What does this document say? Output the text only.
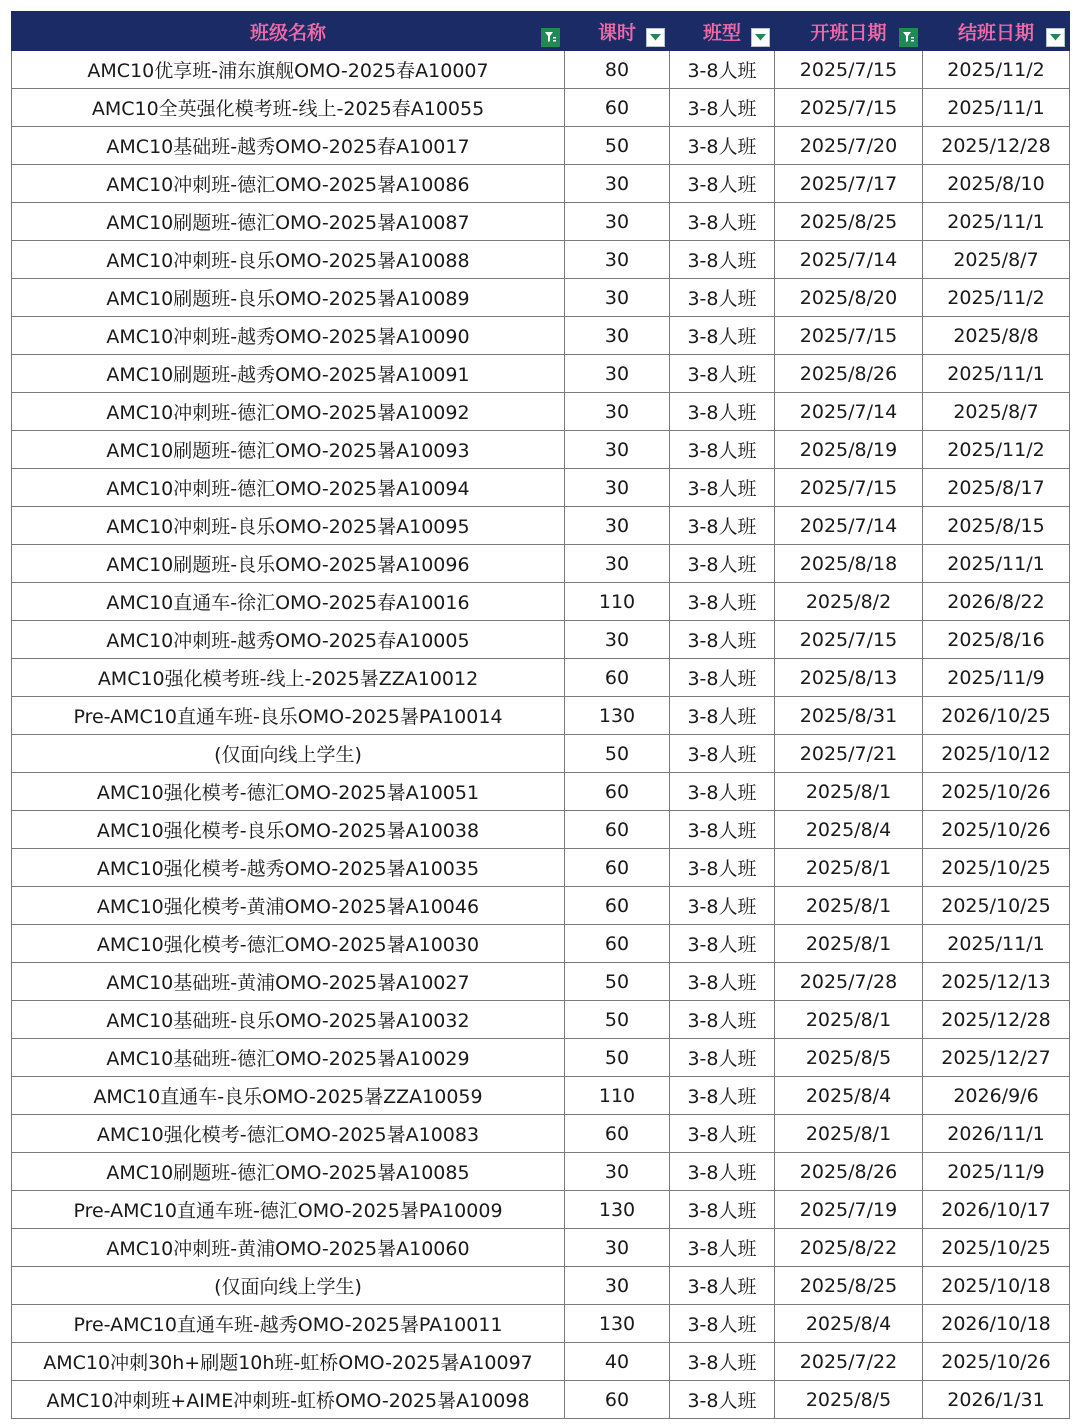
班级名称	课时	班型	开班日期	结班日期

AMC10优享班-浦东旗舰OMO-2025春A10007	80	3-8人班	2025/7/15	2025/11/2
AMC10全英强化模考班-线上-2025春A10055	60	3-8人班	2025/7/15	2025/11/1
AMC10基础班-越秀OMO-2025春A10017	50	3-8人班	2025/7/20	2025/12/28
AMC10冲刺班-德汇OMO-2025暑A10086	30	3-8人班	2025/7/17	2025/8/10
AMC10刷题班-德汇OMO-2025暑A10087	30	3-8人班	2025/8/25	2025/11/1
AMC10冲刺班-良乐OMO-2025暑A10088	30	3-8人班	2025/7/14	2025/8/7
AMC10刷题班-良乐OMO-2025暑A10089	30	3-8人班	2025/8/20	2025/11/2
AMC10冲刺班-越秀OMO-2025暑A10090	30	3-8人班	2025/7/15	2025/8/8
AMC10刷题班-越秀OMO-2025暑A10091	30	3-8人班	2025/8/26	2025/11/1
AMC10冲刺班-德汇OMO-2025暑A10092	30	3-8人班	2025/7/14	2025/8/7
AMC10刷题班-德汇OMO-2025暑A10093	30	3-8人班	2025/8/19	2025/11/2
AMC10冲刺班-德汇OMO-2025暑A10094	30	3-8人班	2025/7/15	2025/8/17
AMC10冲刺班-良乐OMO-2025暑A10095	30	3-8人班	2025/7/14	2025/8/15
AMC10刷题班-良乐OMO-2025暑A10096	30	3-8人班	2025/8/18	2025/11/1
AMC10直通车-徐汇OMO-2025春A10016	110	3-8人班	2025/8/2	2026/8/22
AMC10冲刺班-越秀OMO-2025春A10005	30	3-8人班	2025/7/15	2025/8/16
AMC10强化模考班-线上-2025暑ZZA10012	60	3-8人班	2025/8/13	2025/11/9
Pre-AMC10直通车班-良乐OMO-2025暑PA10014	130	3-8人班	2025/8/31	2026/10/25
(仅面向线上学生)	50	3-8人班	2025/7/21	2025/10/12
AMC10强化模考-德汇OMO-2025暑A10051	60	3-8人班	2025/8/1	2025/10/26
AMC10强化模考-良乐OMO-2025暑A10038	60	3-8人班	2025/8/4	2025/10/26
AMC10强化模考-越秀OMO-2025暑A10035	60	3-8人班	2025/8/1	2025/10/25
AMC10强化模考-黄浦OMO-2025暑A10046	60	3-8人班	2025/8/1	2025/10/25
AMC10强化模考-德汇OMO-2025暑A10030	60	3-8人班	2025/8/1	2025/11/1
AMC10基础班-黄浦OMO-2025暑A10027	50	3-8人班	2025/7/28	2025/12/13
AMC10基础班-良乐OMO-2025暑A10032	50	3-8人班	2025/8/1	2025/12/28
AMC10基础班-德汇OMO-2025暑A10029	50	3-8人班	2025/8/5	2025/12/27
AMC10直通车-良乐OMO-2025暑ZZA10059	110	3-8人班	2025/8/4	2026/9/6
AMC10强化模考-德汇OMO-2025暑A10083	60	3-8人班	2025/8/1	2026/11/1
AMC10刷题班-德汇OMO-2025暑A10085	30	3-8人班	2025/8/26	2025/11/9
Pre-AMC10直通车班-德汇OMO-2025暑PA10009	130	3-8人班	2025/7/19	2026/10/17
AMC10冲刺班-黄浦OMO-2025暑A10060	30	3-8人班	2025/8/22	2025/10/25
(仅面向线上学生)	30	3-8人班	2025/8/25	2025/10/18
Pre-AMC10直通车班-越秀OMO-2025暑PA10011	130	3-8人班	2025/8/4	2026/10/18
AMC10冲刺30h+刷题10h班-虹桥OMO-2025暑A10097	40	3-8人班	2025/7/22	2025/10/26
AMC10冲刺班+AIME冲刺班-虹桥OMO-2025暑A10098	60	3-8人班	2025/8/5	2026/1/31
